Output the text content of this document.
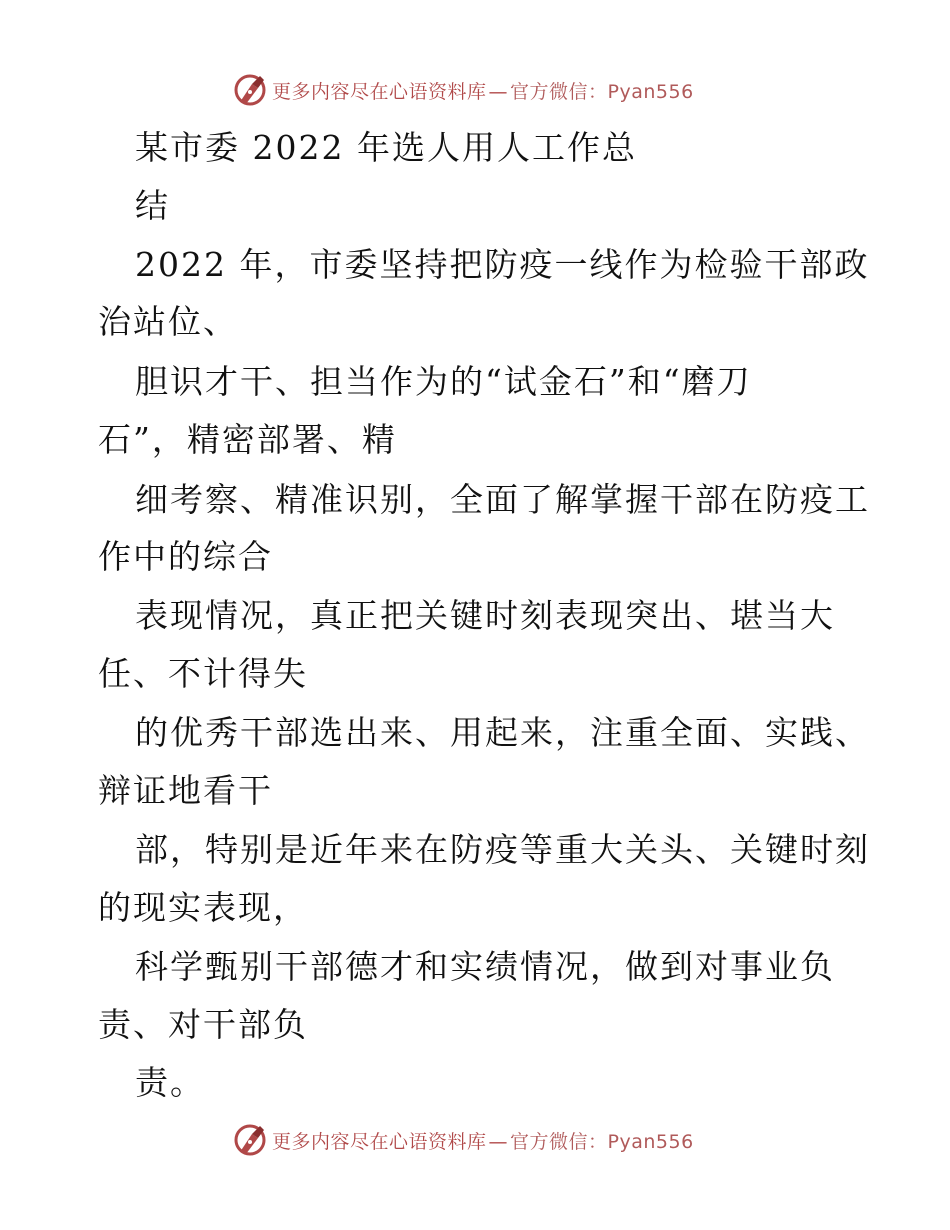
更多内容尽在心语资料库 — 官方微信：Pyan556
某市委 2022 年选人用人工作总
结
2022 年，市委坚持把防疫一线作为检验干部政
治站位、
胆识才干、担当作为的“试金石”和“磨刀
石”，精密部署、精
细考察、精准识别，全面了解掌握干部在防疫工
作中的综合
表现情况，真正把关键时刻表现突出、堪当大
任、不计得失
的优秀干部选出来、用起来，注重全面、实践、
辩证地看干
部，特别是近年来在防疫等重大关头、关键时刻
的现实表现，
科学甄别干部德才和实绩情况，做到对事业负
责、对干部负
责。
更多内容尽在心语资料库 — 官方微信：Pyan556
